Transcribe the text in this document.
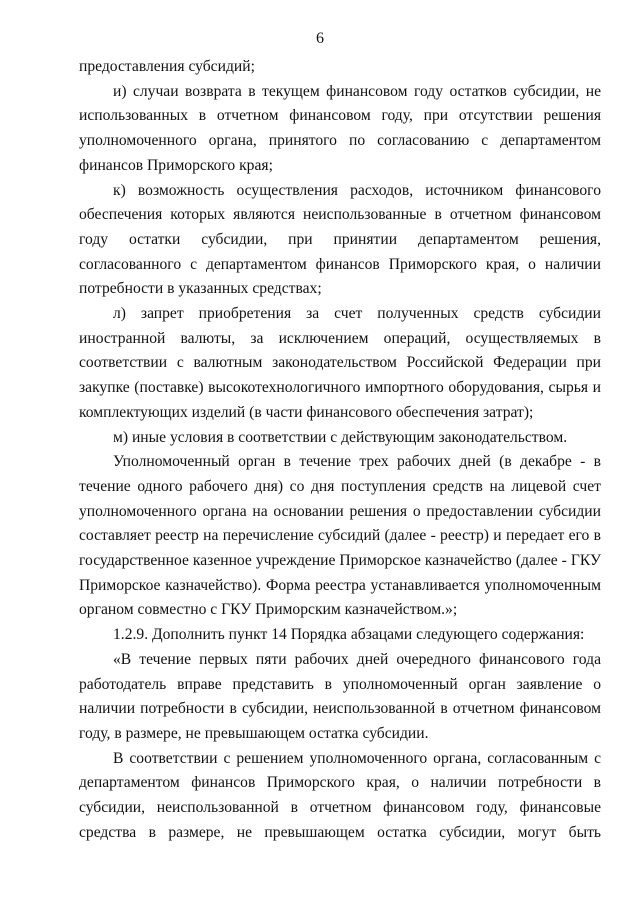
6

предоставления субсидий;

и) случаи возврата в текущем финансовом году остатков субсидии, не использованных в отчетном финансовом году, при отсутствии решения уполномоченного органа, принятого по согласованию с департаментом финансов Приморского края;

к) возможность осуществления расходов, источником финансового обеспечения которых являются неиспользованные в отчетном финансовом году остатки субсидии, при принятии департаментом решения, согласованного с департаментом финансов Приморского края, о наличии потребности в указанных средствах;

л) запрет приобретения за счет полученных средств субсидии иностранной валюты, за исключением операций, осуществляемых в соответствии с валютным законодательством Российской Федерации при закупке (поставке) высокотехнологичного импортного оборудования, сырья и комплектующих изделий (в части финансового обеспечения затрат);

м) иные условия в соответствии с действующим законодательством.

Уполномоченный орган в течение трех рабочих дней (в декабре - в течение одного рабочего дня) со дня поступления средств на лицевой счет уполномоченного органа на основании решения о предоставлении субсидии составляет реестр на перечисление субсидий (далее - реестр) и передает его в государственное казенное учреждение Приморское казначейство (далее - ГКУ Приморское казначейство). Форма реестра устанавливается уполномоченным органом совместно с ГКУ Приморским казначейством.»;

1.2.9. Дополнить пункт 14 Порядка абзацами следующего содержания:

«В течение первых пяти рабочих дней очередного финансового года работодатель вправе представить в уполномоченный орган заявление о наличии потребности в субсидии, неиспользованной в отчетном финансовом году, в размере, не превышающем остатка субсидии.

В соответствии с решением уполномоченного органа, согласованным с департаментом финансов Приморского края, о наличии потребности в субсидии, неиспользованной в отчетном финансовом году, финансовые средства в размере, не превышающем остатка субсидии, могут быть
